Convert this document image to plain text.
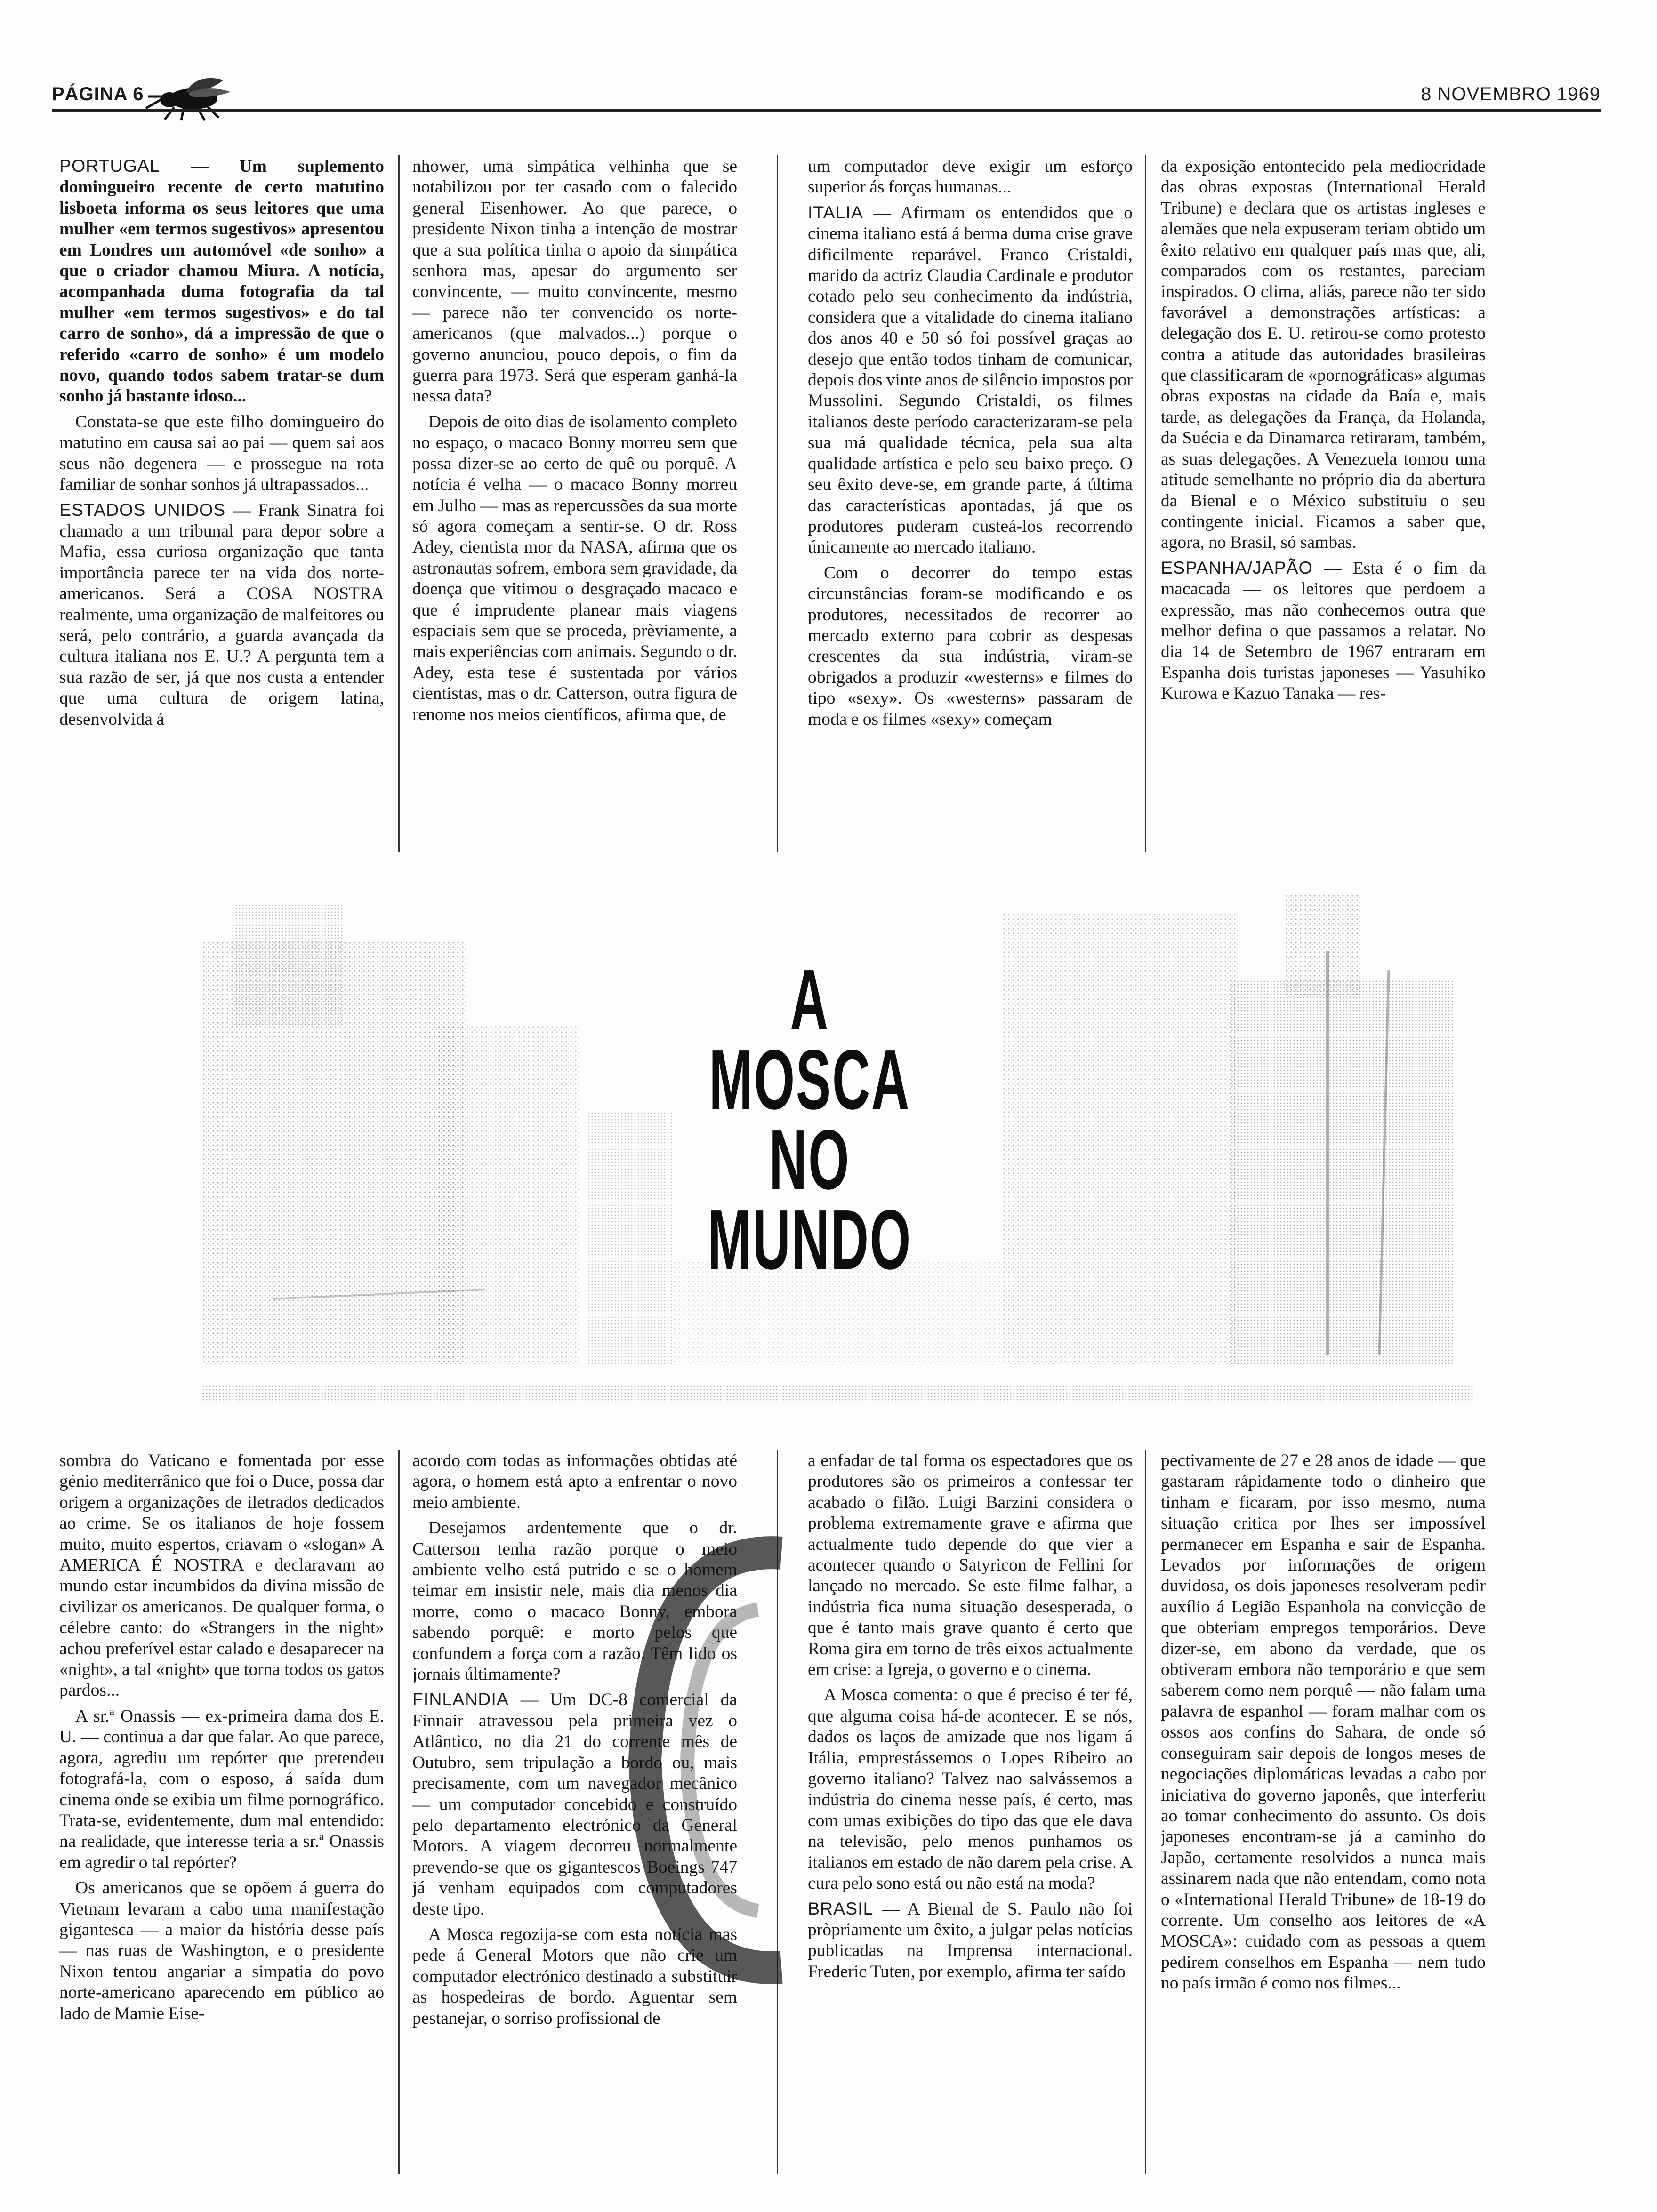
PÁGINA 6	8 NOVEMBRO 1969

PORTUGAL — Um suplemento domingueiro recente de certo matutino lisboeta informa os seus leitores que uma mulher «em termos sugestivos» apresentou em Londres um automóvel «de sonho» a que o criador chamou Miura. A notícia, acompanhada duma fotografia da tal mulher «em termos sugestivos» e do tal carro de sonho», dá a impressão de que o referido «carro de sonho» é um modelo novo, quando todos sabem tratar-se dum sonho já bastante idoso...

Constata-se que este filho domingueiro do matutino em causa sai ao pai — quem sai aos seus não degenera — e prossegue na rota familiar de sonhar sonhos já ultrapassados...

ESTADOS UNIDOS — Frank Sinatra foi chamado a um tribunal para depor sobre a Mafia, essa curiosa organização que tanta importância parece ter na vida dos norte-americanos. Será a COSA NOSTRA realmente, uma organização de malfeitores ou será, pelo contrário, a guarda avançada da cultura italiana nos E. U.? A pergunta tem a sua razão de ser, já que nos custa a entender que uma cultura de origem latina, desenvolvida á

nhower, uma simpática velhinha que se notabilizou por ter casado com o falecido general Eisenhower. Ao que parece, o presidente Nixon tinha a intenção de mostrar que a sua política tinha o apoio da simpática senhora mas, apesar do argumento ser convincente, — muito convincente, mesmo — parece não ter convencido os norte-americanos (que malvados...) porque o governo anunciou, pouco depois, o fim da guerra para 1973. Será que esperam ganhá-la nessa data?

Depois de oito dias de isolamento completo no espaço, o macaco Bonny morreu sem que possa dizer-se ao certo de quê ou porquê. A notícia é velha — o macaco Bonny morreu em Julho — mas as repercussões da sua morte só agora começam a sentir-se. O dr. Ross Adey, cientista mor da NASA, afirma que os astronautas sofrem, embora sem gravidade, da doença que vitimou o desgraçado macaco e que é imprudente planear mais viagens espaciais sem que se proceda, prèviamente, a mais experiências com animais. Segundo o dr. Adey, esta tese é sustentada por vários cientistas, mas o dr. Catterson, outra figura de renome nos meios científicos, afirma que, de

um computador deve exigir um esforço superior ás forças humanas...

ITALIA — Afirmam os entendidos que o cinema italiano está á berma duma crise grave dificilmente reparável. Franco Cristaldi, marido da actriz Claudia Cardinale e produtor cotado pelo seu conhecimento da indústria, considera que a vitalidade do cinema italiano dos anos 40 e 50 só foi possível graças ao desejo que então todos tinham de comunicar, depois dos vinte anos de silêncio impostos por Mussolini. Segundo Cristaldi, os filmes italianos deste período caracterizaram-se pela sua má qualidade técnica, pela sua alta qualidade artística e pelo seu baixo preço. O seu êxito deve-se, em grande parte, á última das características apontadas, já que os produtores puderam custeá-los recorrendo únicamente ao mercado italiano.

Com o decorrer do tempo estas circunstâncias foram-se modificando e os produtores, necessitados de recorrer ao mercado externo para cobrir as despesas crescentes da sua indústria, viram-se obrigados a produzir «westerns» e filmes do tipo «sexy». Os «westerns» passaram de moda e os filmes «sexy» começam

da exposição entontecido pela mediocridade das obras expostas (International Herald Tribune) e declara que os artistas ingleses e alemães que nela expuseram teriam obtido um êxito relativo em qualquer país mas que, ali, comparados com os restantes, pareciam inspirados. O clima, aliás, parece não ter sido favorável a demonstrações artísticas: a delegação dos E. U. retirou-se como protesto contra a atitude das autoridades brasileiras que classificaram de «pornográficas» algumas obras expostas na cidade da Baía e, mais tarde, as delegações da França, da Holanda, da Suécia e da Dinamarca retiraram, também, as suas delegações. A Venezuela tomou uma atitude semelhante no próprio dia da abertura da Bienal e o México substituiu o seu contingente inicial. Ficamos a saber que, agora, no Brasil, só sambas.

ESPANHA/JAPÃO — Esta é o fim da macacada — os leitores que perdoem a expressão, mas não conhecemos outra que melhor defina o que passamos a relatar. No dia 14 de Setembro de 1967 entraram em Espanha dois turistas japoneses — Yasuhiko Kurowa e Kazuo Tanaka — res-

A
MOSCA
NO
MUNDO

sombra do Vaticano e fomentada por esse génio mediterrânico que foi o Duce, possa dar origem a organizações de iletrados dedicados ao crime. Se os italianos de hoje fossem muito, muito espertos, criavam o «slogan» A AMERICA É NOSTRA e declaravam ao mundo estar incumbidos da divina missão de civilizar os americanos. De qualquer forma, o célebre canto: do «Strangers in the night» achou preferível estar calado e desaparecer na «night», a tal «night» que torna todos os gatos pardos...

A sr.ª Onassis — ex-primeira dama dos E. U. — continua a dar que falar. Ao que parece, agora, agrediu um repórter que pretendeu fotografá-la, com o esposo, á saída dum cinema onde se exibia um filme pornográfico. Trata-se, evidentemente, dum mal entendido: na realidade, que interesse teria a sr.ª Onassis em agredir o tal repórter?

Os americanos que se opõem á guerra do Vietnam levaram a cabo uma manifestação gigantesca — a maior da história desse país — nas ruas de Washington, e o presidente Nixon tentou angariar a simpatia do povo norte-americano aparecendo em público ao lado de Mamie Eise-

acordo com todas as informações obtidas até agora, o homem está apto a enfrentar o novo meio ambiente.

Desejamos ardentemente que o dr. Catterson tenha razão porque o meio ambiente velho está putrido e se o homem teimar em insistir nele, mais dia menos dia morre, como o macaco Bonny, embora sabendo porquê: e morto pelos que confundem a força com a razão. Têm lido os jornais últimamente?

FINLANDIA — Um DC-8 comercial da Finnair atravessou pela primeira vez o Atlântico, no dia 21 do corrente mês de Outubro, sem tripulação a bordo ou, mais precisamente, com um navegador mecânico — um computador concebido e construído pelo departamento electrónico da General Motors. A viagem decorreu normalmente prevendo-se que os gigantescos Boeings 747 já venham equipados com computadores deste tipo.

A Mosca regozija-se com esta notícia mas pede á General Motors que não crie um computador electrónico destinado a substituir as hospedeiras de bordo. Aguentar sem pestanejar, o sorriso profissional de

a enfadar de tal forma os espectadores que os produtores são os primeiros a confessar ter acabado o filão. Luigi Barzini considera o problema extremamente grave e afirma que actualmente tudo depende do que vier a acontecer quando o Satyricon de Fellini for lançado no mercado. Se este filme falhar, a indústria fica numa situação desesperada, o que é tanto mais grave quanto é certo que Roma gira em torno de três eixos actualmente em crise: a Igreja, o governo e o cinema.

A Mosca comenta: o que é preciso é ter fé, que alguma coisa há-de acontecer. E se nós, dados os laços de amizade que nos ligam á Itália, emprestássemos o Lopes Ribeiro ao governo italiano? Talvez nao salvássemos a indústria do cinema nesse país, é certo, mas com umas exibições do tipo das que ele dava na televisão, pelo menos punhamos os italianos em estado de não darem pela crise. A cura pelo sono está ou não está na moda?

BRASIL — A Bienal de S. Paulo não foi pròpriamente um êxito, a julgar pelas notícias publicadas na Imprensa internacional. Frederic Tuten, por exemplo, afirma ter saído

pectivamente de 27 e 28 anos de idade — que gastaram rápidamente todo o dinheiro que tinham e ficaram, por isso mesmo, numa situação critica por lhes ser impossível permanecer em Espanha e sair de Espanha. Levados por informações de origem duvidosa, os dois japoneses resolveram pedir auxílio á Legião Espanhola na convicção de que obteriam empregos temporários. Deve dizer-se, em abono da verdade, que os obtiveram embora não temporário e que sem saberem como nem porquê — não falam uma palavra de espanhol — foram malhar com os ossos aos confins do Sahara, de onde só conseguiram sair depois de longos meses de negociações diplomáticas levadas a cabo por iniciativa do governo japonês, que interferiu ao tomar conhecimento do assunto. Os dois japoneses encontram-se já a caminho do Japão, certamente resolvidos a nunca mais assinarem nada que não entendam, como nota o «International Herald Tribune» de 18-19 do corrente. Um conselho aos leitores de «A MOSCA»: cuidado com as pessoas a quem pedirem conselhos em Espanha — nem tudo no país irmão é como nos filmes...
